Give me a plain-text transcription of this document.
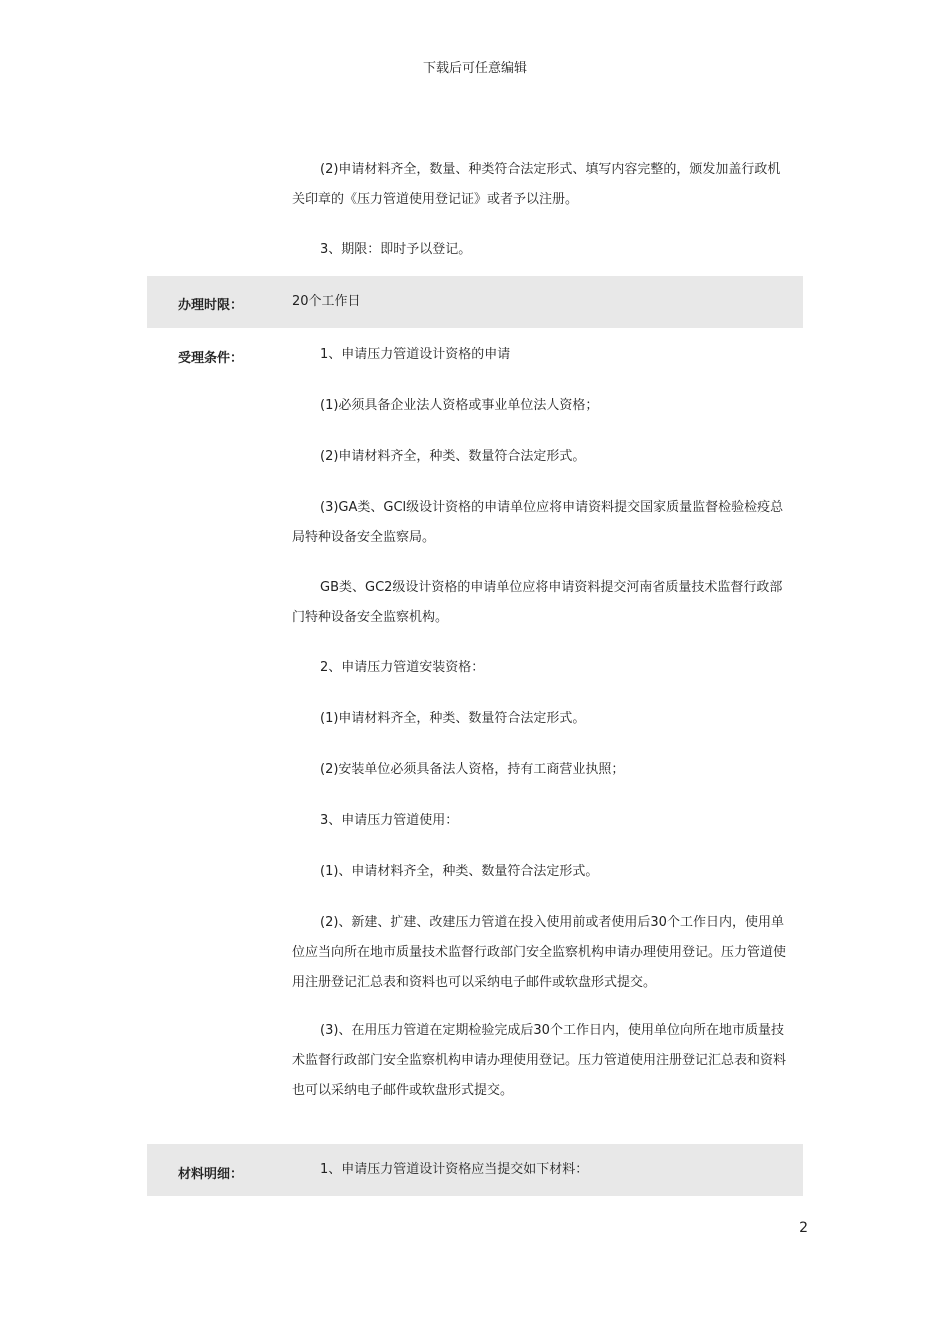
下载后可任意编辑

(2)申请材料齐全，数量、种类符合法定形式、填写内容完整的，颁发加盖行政机关印章的《压力管道使用登记证》或者予以注册。

3、期限：即时予以登记。

办理时限：	20个工作日

受理条件：	1、申请压力管道设计资格的申请

(1)必须具备企业法人资格或事业单位法人资格；

(2)申请材料齐全，种类、数量符合法定形式。

(3)GA类、GCl级设计资格的申请单位应将申请资料提交国家质量监督检验检疫总局特种设备安全监察局。

GB类、GC2级设计资格的申请单位应将申请资料提交河南省质量技术监督行政部门特种设备安全监察机构。

2、申请压力管道安装资格：

(1)申请材料齐全，种类、数量符合法定形式。

(2)安装单位必须具备法人资格，持有工商营业执照；

3、申请压力管道使用：

(1)、申请材料齐全，种类、数量符合法定形式。

(2)、新建、扩建、改建压力管道在投入使用前或者使用后30个工作日内，使用单位应当向所在地市质量技术监督行政部门安全监察机构申请办理使用登记。压力管道使用注册登记汇总表和资料也可以采纳电子邮件或软盘形式提交。

(3)、在用压力管道在定期检验完成后30个工作日内，使用单位向所在地市质量技术监督行政部门安全监察机构申请办理使用登记。压力管道使用注册登记汇总表和资料也可以采纳电子邮件或软盘形式提交。

材料明细：	1、申请压力管道设计资格应当提交如下材料：

2
